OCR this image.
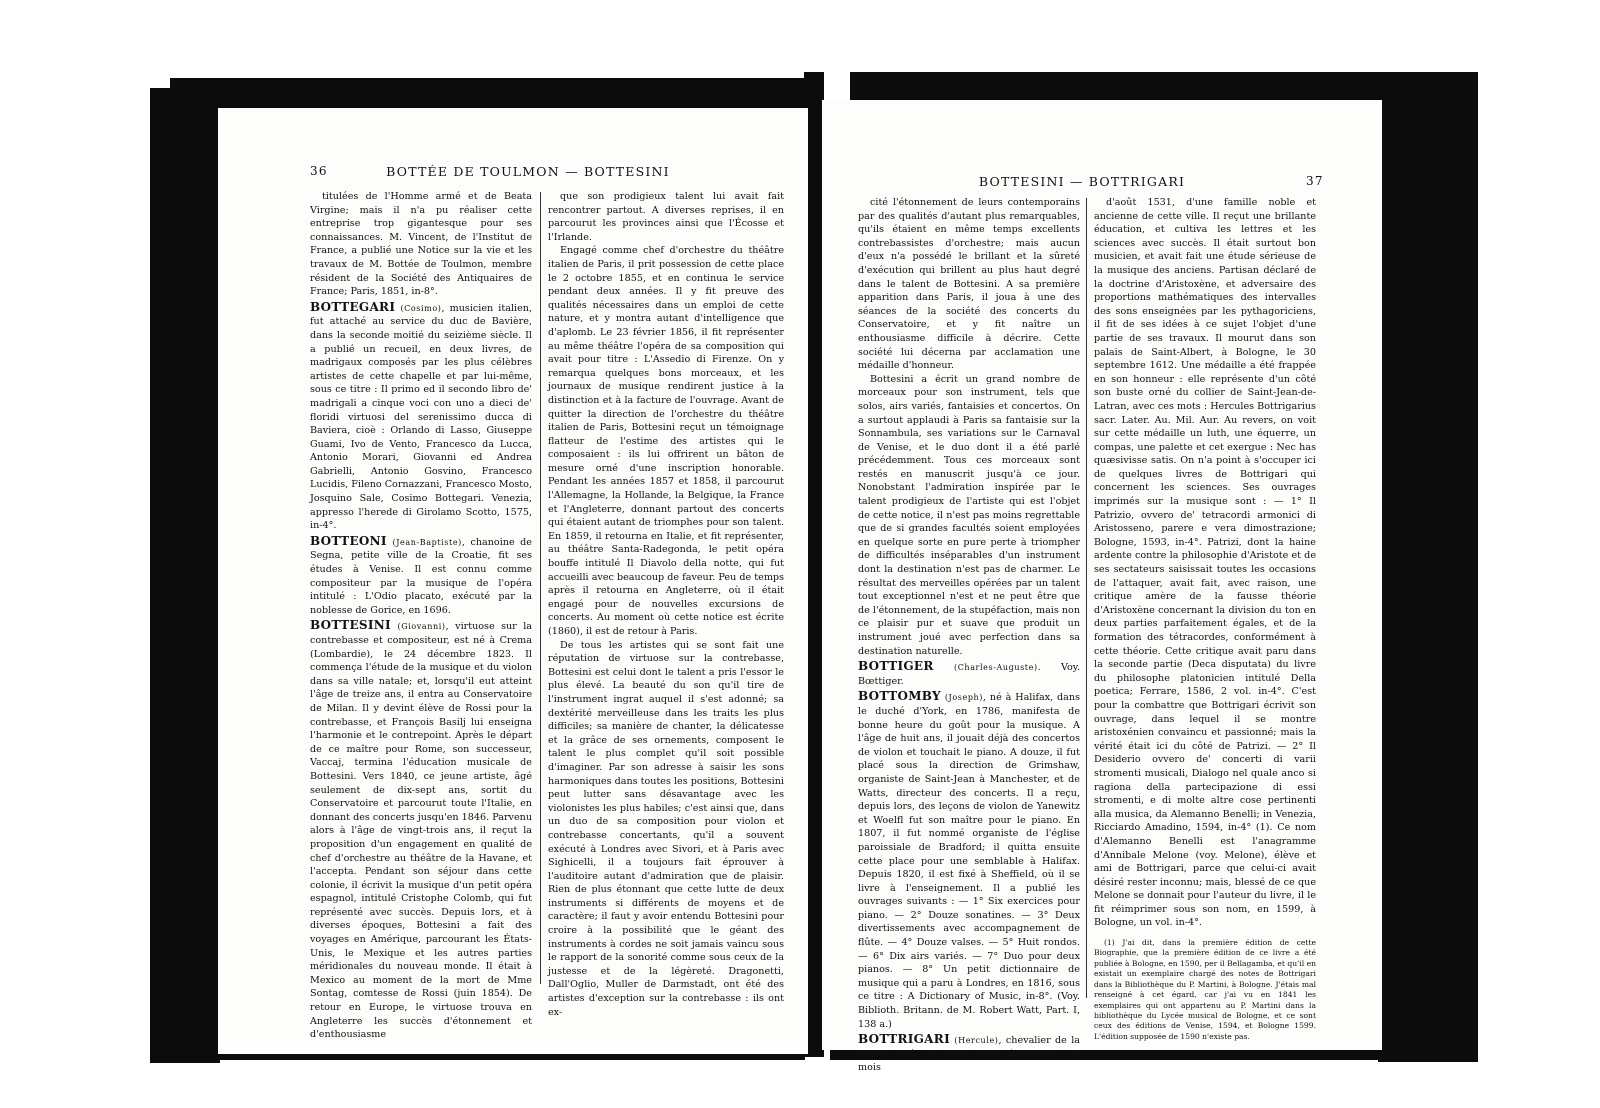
36	BOTTÉE DE TOULMON — BOTTESINI

titulées de l'Homme armé et de Beata Virgine; mais il n'a pu réaliser cette entreprise trop gigantesque pour ses connaissances. M. Vincent, de l'Institut de France, a publié une Notice sur la vie et les travaux de M. Bottée de Toulmon, membre résident de la Société des Antiquaires de France; Paris, 1851, in-8°.

BOTTEGARI (Cosimo), musicien italien, fut attaché au service du duc de Bavière, dans la seconde moitié du seizième siècle. Il a publié un recueil, en deux livres, de madrigaux composés par les plus célèbres artistes de cette chapelle et par lui-même, sous ce titre : Il primo ed il secondo libro de' madrigali a cinque voci con uno a dieci de' floridi virtuosi del serenissimo ducca di Baviera, cioè : Orlando di Lasso, Giuseppe Guami, Ivo de Vento, Francesco da Lucca, Antonio Morari, Giovanni ed Andrea Gabrielli, Antonio Gosvino, Francesco Lucidis, Fileno Cornazzani, Francesco Mosto, Josquino Sale, Cosimo Bottegari. Venezia, appresso l'herede di Girolamo Scotto, 1575, in-4°.

BOTTEONI (Jean-Baptiste), chanoine de Segna, petite ville de la Croatie, fit ses études à Venise. Il est connu comme compositeur par la musique de l'opéra intitulé : L'Odio placato, exécuté par la noblesse de Gorice, en 1696.

BOTTESINI (Giovanni), virtuose sur la contrebasse et compositeur, est né à Crema (Lombardie), le 24 décembre 1823. Il commença l'étude de la musique et du violon dans sa ville natale; et, lorsqu'il eut atteint l'âge de treize ans, il entra au Conservatoire de Milan. Il y devint élève de Rossi pour la contrebasse, et François Basilj lui enseigna l'harmonie et le contrepoint. Après le départ de ce maître pour Rome, son successeur, Vaccaj, termina l'éducation musicale de Bottesini. Vers 1840, ce jeune artiste, âgé seulement de dix-sept ans, sortit du Conservatoire et parcourut toute l'Italie, en donnant des concerts jusqu'en 1846. Parvenu alors à l'âge de vingt-trois ans, il reçut la proposition d'un engagement en qualité de chef d'orchestre au théâtre de la Havane, et l'accepta. Pendant son séjour dans cette colonie, il écrivit la musique d'un petit opéra espagnol, intitulé Cristophe Colomb, qui fut représenté avec succès. Depuis lors, et à diverses époques, Bottesini a fait des voyages en Amérique, parcourant les États-Unis, le Mexique et les autres parties méridionales du nouveau monde. Il était à Mexico au moment de la mort de Mme Sontag, comtesse de Rossi (juin 1854). De retour en Europe, le virtuose trouva en Angleterre les succès d'étonnement et d'enthousiasme

que son prodigieux talent lui avait fait rencontrer partout. A diverses reprises, il en parcourut les provinces ainsi que l'Écosse et l'Irlande.

Engagé comme chef d'orchestre du théâtre italien de Paris, il prit possession de cette place le 2 octobre 1855, et en continua le service pendant deux années. Il y fit preuve des qualités nécessaires dans un emploi de cette nature, et y montra autant d'intelligence que d'aplomb. Le 23 février 1856, il fit représenter au même théâtre l'opéra de sa composition qui avait pour titre : L'Assedio di Firenze. On y remarqua quelques bons morceaux, et les journaux de musique rendirent justice à la distinction et à la facture de l'ouvrage. Avant de quitter la direction de l'orchestre du théâtre italien de Paris, Bottesini reçut un témoignage flatteur de l'estime des artistes qui le composaient : ils lui offrirent un bâton de mesure orné d'une inscription honorable. Pendant les années 1857 et 1858, il parcourut l'Allemagne, la Hollande, la Belgique, la France et l'Angleterre, donnant partout des concerts qui étaient autant de triomphes pour son talent. En 1859, il retourna en Italie, et fit représenter, au théâtre Santa-Radegonda, le petit opéra bouffe intitulé Il Diavolo della notte, qui fut accueilli avec beaucoup de faveur. Peu de temps après il retourna en Angleterre, où il était engagé pour de nouvelles excursions de concerts. Au moment où cette notice est écrite (1860), il est de retour à Paris.

De tous les artistes qui se sont fait une réputation de virtuose sur la contrebasse, Bottesini est celui dont le talent a pris l'essor le plus élevé. La beauté du son qu'il tire de l'instrument ingrat auquel il s'est adonné; sa dextérité merveilleuse dans les traits les plus difficiles; sa manière de chanter, la délicatesse et la grâce de ses ornements, composent le talent le plus complet qu'il soit possible d'imaginer. Par son adresse à saisir les sons harmoniques dans toutes les positions, Bottesini peut lutter sans désavantage avec les violonistes les plus habiles; c'est ainsi que, dans un duo de sa composition pour violon et contrebasse concertants, qu'il a souvent exécuté à Londres avec Sivori, et à Paris avec Sighicelli, il a toujours fait éprouver à l'auditoire autant d'admiration que de plaisir. Rien de plus étonnant que cette lutte de deux instruments si différents de moyens et de caractère; il faut y avoir entendu Bottesini pour croire à la possibilité que le géant des instruments à cordes ne soit jamais vaincu sous le rapport de la sonorité comme sous ceux de la justesse et de la légèreté. Dragonetti, Dall'Oglio, Muller de Darmstadt, ont été des artistes d'exception sur la contrebasse : ils ont ex-

BOTTESINI — BOTTRIGARI	37

cité l'étonnement de leurs contemporains par des qualités d'autant plus remarquables, qu'ils étaient en même temps excellents contrebassistes d'orchestre; mais aucun d'eux n'a possédé le brillant et la sûreté d'exécution qui brillent au plus haut degré dans le talent de Bottesini. A sa première apparition dans Paris, il joua à une des séances de la société des concerts du Conservatoire, et y fit naître un enthousiasme difficile à décrire. Cette société lui décerna par acclamation une médaille d'honneur.

Bottesini a écrit un grand nombre de morceaux pour son instrument, tels que solos, airs variés, fantaisies et concertos. On a surtout applaudi à Paris sa fantaisie sur la Sonnambula, ses variations sur le Carnaval de Venise, et le duo dont il a été parlé précédemment. Tous ces morceaux sont restés en manuscrit jusqu'à ce jour. Nonobstant l'admiration inspirée par le talent prodigieux de l'artiste qui est l'objet de cette notice, il n'est pas moins regrettable que de si grandes facultés soient employées en quelque sorte en pure perte à triompher de difficultés inséparables d'un instrument dont la destination n'est pas de charmer. Le résultat des merveilles opérées par un talent tout exceptionnel n'est et ne peut être que de l'étonnement, de la stupéfaction, mais non ce plaisir pur et suave que produit un instrument joué avec perfection dans sa destination naturelle.

BOTTIGER (Charles-Auguste). Voy. Bœttiger.

BOTTOMBY (Joseph), né à Halifax, dans le duché d'York, en 1786, manifesta de bonne heure du goût pour la musique. A l'âge de huit ans, il jouait déjà des concertos de violon et touchait le piano. A douze, il fut placé sous la direction de Grimshaw, organiste de Saint-Jean à Manchester, et de Watts, directeur des concerts. Il a reçu, depuis lors, des leçons de violon de Yanewitz et Woelfl fut son maître pour le piano. En 1807, il fut nommé organiste de l'église paroissiale de Bradford; il quitta ensuite cette place pour une semblable à Halifax. Depuis 1820, il est fixé à Sheffield, où il se livre à l'enseignement. Il a publié les ouvrages suivants : — 1° Six exercices pour piano. — 2° Douze sonatines. — 3° Deux divertissements avec accompagnement de flûte. — 4° Douze valses. — 5° Huit rondos. — 6° Dix airs variés. — 7° Duo pour deux pianos. — 8° Un petit dictionnaire de musique qui a paru à Londres, en 1816, sous ce titre : A Dictionary of Music, in-8°. (Voy. Biblioth. Britann. de M. Robert Watt, Part. I, 138 a.)

BOTTRIGARI (Hercule), chevalier de la milice dorée du pape, naquit à Bologne, au mois

d'août 1531, d'une famille noble et ancienne de cette ville. Il reçut une brillante éducation, et cultiva les lettres et les sciences avec succès. Il était surtout bon musicien, et avait fait une étude sérieuse de la musique des anciens. Partisan déclaré de la doctrine d'Aristoxène, et adversaire des proportions mathématiques des intervalles des sons enseignées par les pythagoriciens, il fit de ses idées à ce sujet l'objet d'une partie de ses travaux. Il mourut dans son palais de Saint-Albert, à Bologne, le 30 septembre 1612. Une médaille a été frappée en son honneur : elle représente d'un côté son buste orné du collier de Saint-Jean-de-Latran, avec ces mots : Hercules Bottrigarius sacr. Later. Au. Mil. Aur. Au revers, on voit sur cette médaille un luth, une équerre, un compas, une palette et cet exergue : Nec has quæsivisse satis. On n'a point à s'occuper ici de quelques livres de Bottrigari qui concernent les sciences. Ses ouvrages imprimés sur la musique sont : — 1° Il Patrizio, ovvero de' tetracordi armonici di Aristosseno, parere e vera dimostrazione; Bologne, 1593, in-4°. Patrizi, dont la haine ardente contre la philosophie d'Aristote et de ses sectateurs saisissait toutes les occasions de l'attaquer, avait fait, avec raison, une critique amère de la fausse théorie d'Aristoxène concernant la division du ton en deux parties parfaitement égales, et de la formation des tétracordes, conformément à cette théorie. Cette critique avait paru dans la seconde partie (Deca disputata) du livre du philosophe platonicien intitulé Della poetica; Ferrare, 1586, 2 vol. in-4°. C'est pour la combattre que Bottrigari écrivit son ouvrage, dans lequel il se montre aristoxénien convaincu et passionné; mais la vérité était ici du côté de Patrizi. — 2° Il Desiderio ovvero de' concerti di varii stromenti musicali, Dialogo nel quale anco si ragiona della partecipazione di essi stromenti, e di molte altre cose pertinenti alla musica, da Alemanno Benelli; in Venezia, Ricciardo Amadino, 1594, in-4° (1). Ce nom d'Alemanno Benelli est l'anagramme d'Annibale Melone (voy. Melone), élève et ami de Bottrigari, parce que celui-ci avait désiré rester inconnu; mais, blessé de ce que Melone se donnait pour l'auteur du livre, il le fit réimprimer sous son nom, en 1599, à Bologne, un vol. in-4°.

(1) J'ai dit, dans la première édition de cette Biographie, que la première édition de ce livre a été publiée à Bologne, en 1590, per il Bellagamba, et qu'il en existait un exemplaire chargé des notes de Bottrigari dans la Bibliothèque du P. Martini, à Bologne. J'étais mal renseigné à cet égard, car j'ai vu en 1841 les exemplaires qui ont appartenu au P. Martini dans la bibliothèque du Lycée musical de Bologne, et ce sont ceux des éditions de Venise, 1594, et Bologne 1599. L'édition supposée de 1590 n'existe pas.
